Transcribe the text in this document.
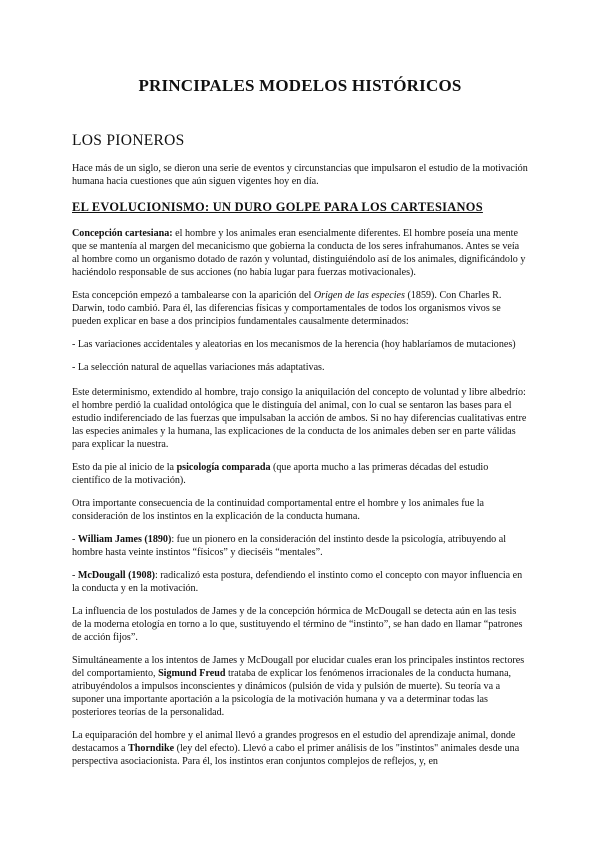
PRINCIPALES MODELOS HISTÓRICOS
LOS PIONEROS

Hace más de un siglo, se dieron una serie de eventos y circunstancias que impulsaron el estudio de la motivación humana hacia cuestiones que aún siguen vigentes hoy en día.

EL EVOLUCIONISMO: UN DURO GOLPE PARA LOS CARTESIANOS

Concepción cartesiana: el hombre y los animales eran esencialmente diferentes. El hombre poseía una mente que se mantenía al margen del mecanicismo que gobierna la conducta de los seres infrahumanos. Antes se veía al hombre como un organismo dotado de razón y voluntad, distinguiéndolo así de los animales, dignificándolo y haciéndolo responsable de sus acciones (no había lugar para fuerzas motivacionales).

Esta concepción empezó a tambalearse con la aparición del Origen de las especies (1859). Con Charles R. Darwin, todo cambió. Para él, las diferencias físicas y comportamentales de todos los organismos vivos se pueden explicar en base a dos principios fundamentales causalmente determinados:

- Las variaciones accidentales y aleatorias en los mecanismos de la herencia (hoy hablaríamos de mutaciones)

- La selección natural de aquellas variaciones más adaptativas.

Este determinismo, extendido al hombre, trajo consigo la aniquilación del concepto de voluntad y libre albedrío: el hombre perdió la cualidad ontológica que le distinguía del animal, con lo cual se sentaron las bases para el estudio indiferenciado de las fuerzas que impulsaban la acción de ambos. Si no hay diferencias cualitativas entre las especies animales y la humana, las explicaciones de la conducta de los animales deben ser en parte válidas para explicar la nuestra.

Esto da pie al inicio de la psicología comparada (que aporta mucho a las primeras décadas del estudio científico de la motivación).

Otra importante consecuencia de la continuidad comportamental entre el hombre y los animales fue la consideración de los instintos en la explicación de la conducta humana.

- William James (1890): fue un pionero en la consideración del instinto desde la psicología, atribuyendo al hombre hasta veinte instintos “físicos” y dieciséis “mentales”.

- McDougall (1908): radicalizó esta postura, defendiendo el instinto como el concepto con mayor influencia en la conducta y en la motivación.

La influencia de los postulados de James y de la concepción hórmica de McDougall se detecta aún en las tesis de la moderna etología en torno a lo que, sustituyendo el término de “instinto”, se han dado en llamar “patrones de acción fijos”.

Simultáneamente a los intentos de James y McDougall por elucidar cuales eran los principales instintos rectores del comportamiento, Sigmund Freud trataba de explicar los fenómenos irracionales de la conducta humana, atribuyéndolos a impulsos inconscientes y dinámicos (pulsión de vida y pulsión de muerte). Su teoría va a suponer una importante aportación a la psicología de la motivación humana y va a determinar todas las posteriores teorías de la personalidad.

La equiparación del hombre y el animal llevó a grandes progresos en el estudio del aprendizaje animal, donde destacamos a Thorndike (ley del efecto). Llevó a cabo el primer análisis de los "instintos" animales desde una perspectiva asociacionista. Para él, los instintos eran conjuntos complejos de reflejos, y, en
